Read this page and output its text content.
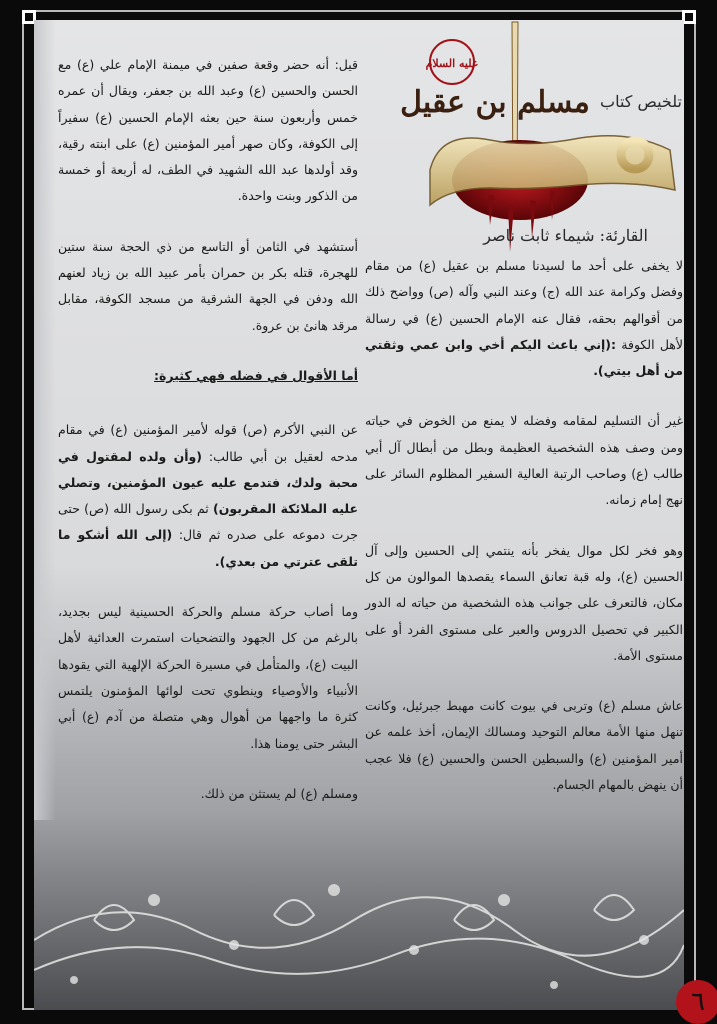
مسلم بن عقيل
عليه السلام
تلخيص كتاب
القارئة: شيماء ثابت ناصر

قيل: أنه حضر وقعة صفين في ميمنة الإمام علي (ع) مع الحسن والحسين (ع) وعبد الله بن جعفر، ويقال أن عمره خمس وأربعون سنة حين بعثه الإمام الحسين (ع) سفيراً إلى الكوفة، وكان صهر أمير المؤمنين (ع) على ابنته رقية، وقد أولدها عبد الله الشهيد في الطف، له أربعة أو خمسة من الذكور وبنت واحدة.

أستشهد في الثامن أو التاسع من ذي الحجة سنة ستين للهجرة، قتله بكر بن حمران بأمر عبيد الله بن زياد لعنهم الله ودفن في الجهة الشرقية من مسجد الكوفة، مقابل مرقد هانئ بن عروة.

أما الأقوال في فضله فهي كثيرة:

عن النبي الأكرم (ص) قوله لأمير المؤمنين (ع) في مقام مدحه لعقيل بن أبي طالب: (وأن ولده لمقتول في محبة ولدك، فتدمع عليه عيون المؤمنين، وتصلي عليه الملائكة المقربون) ثم بكى رسول الله (ص) حتى جرت دموعه على صدره ثم قال: (إلى الله أشكو ما تلقى عترتي من بعدي).

وما أصاب حركة مسلم والحركة الحسينية ليس بجديد، بالرغم من كل الجهود والتضحيات استمرت العدائية لأهل البيت (ع)، والمتأمل في مسيرة الحركة الإلهية التي يقودها الأنبياء والأوصياء وينطوي تحت لوائها المؤمنون يلتمس كثرة ما واجهها من أهوال وهي متصلة من آدم (ع) أبي البشر حتى يومنا هذا.

ومسلم (ع) لم يستثن من ذلك.

لا يخفى على أحد ما لسيدنا مسلم بن عقيل (ع) من مقام وفضل وكرامة عند الله (ج) وعند النبي وآله (ص) وواضح ذلك من أقوالهم بحقه، فقال عنه الإمام الحسين (ع) في رسالة لأهل الكوفة :(إني باعث اليكم أخي وابن عمي وثقتي من أهل بيتي).

غير أن التسليم لمقامه وفضله لا يمنع من الخوض في حياته ومن وصف هذه الشخصية العظيمة وبطل من أبطال آل أبي طالب (ع) وصاحب الرتبة العالية السفير المظلوم السائر على نهج إمام زمانه.

وهو فخر لكل موال يفخر بأنه ينتمي إلى الحسين وإلى آل الحسين (ع)، وله قبة تعانق السماء يقصدها الموالون من كل مكان، فالتعرف على جوانب هذه الشخصية من حياته له الدور الكبير في تحصيل الدروس والعبر على مستوى الفرد أو على مستوى الأمة.

عاش مسلم (ع) وتربى في بيوت كانت مهبط جبرئيل، وكانت تنهل منها الأمة معالم التوحيد ومسالك الإيمان، أخذ علمه عن أمير المؤمنين (ع) والسبطين الحسن والحسين (ع) فلا عجب أن ينهض بالمهام الجسام.

٦
